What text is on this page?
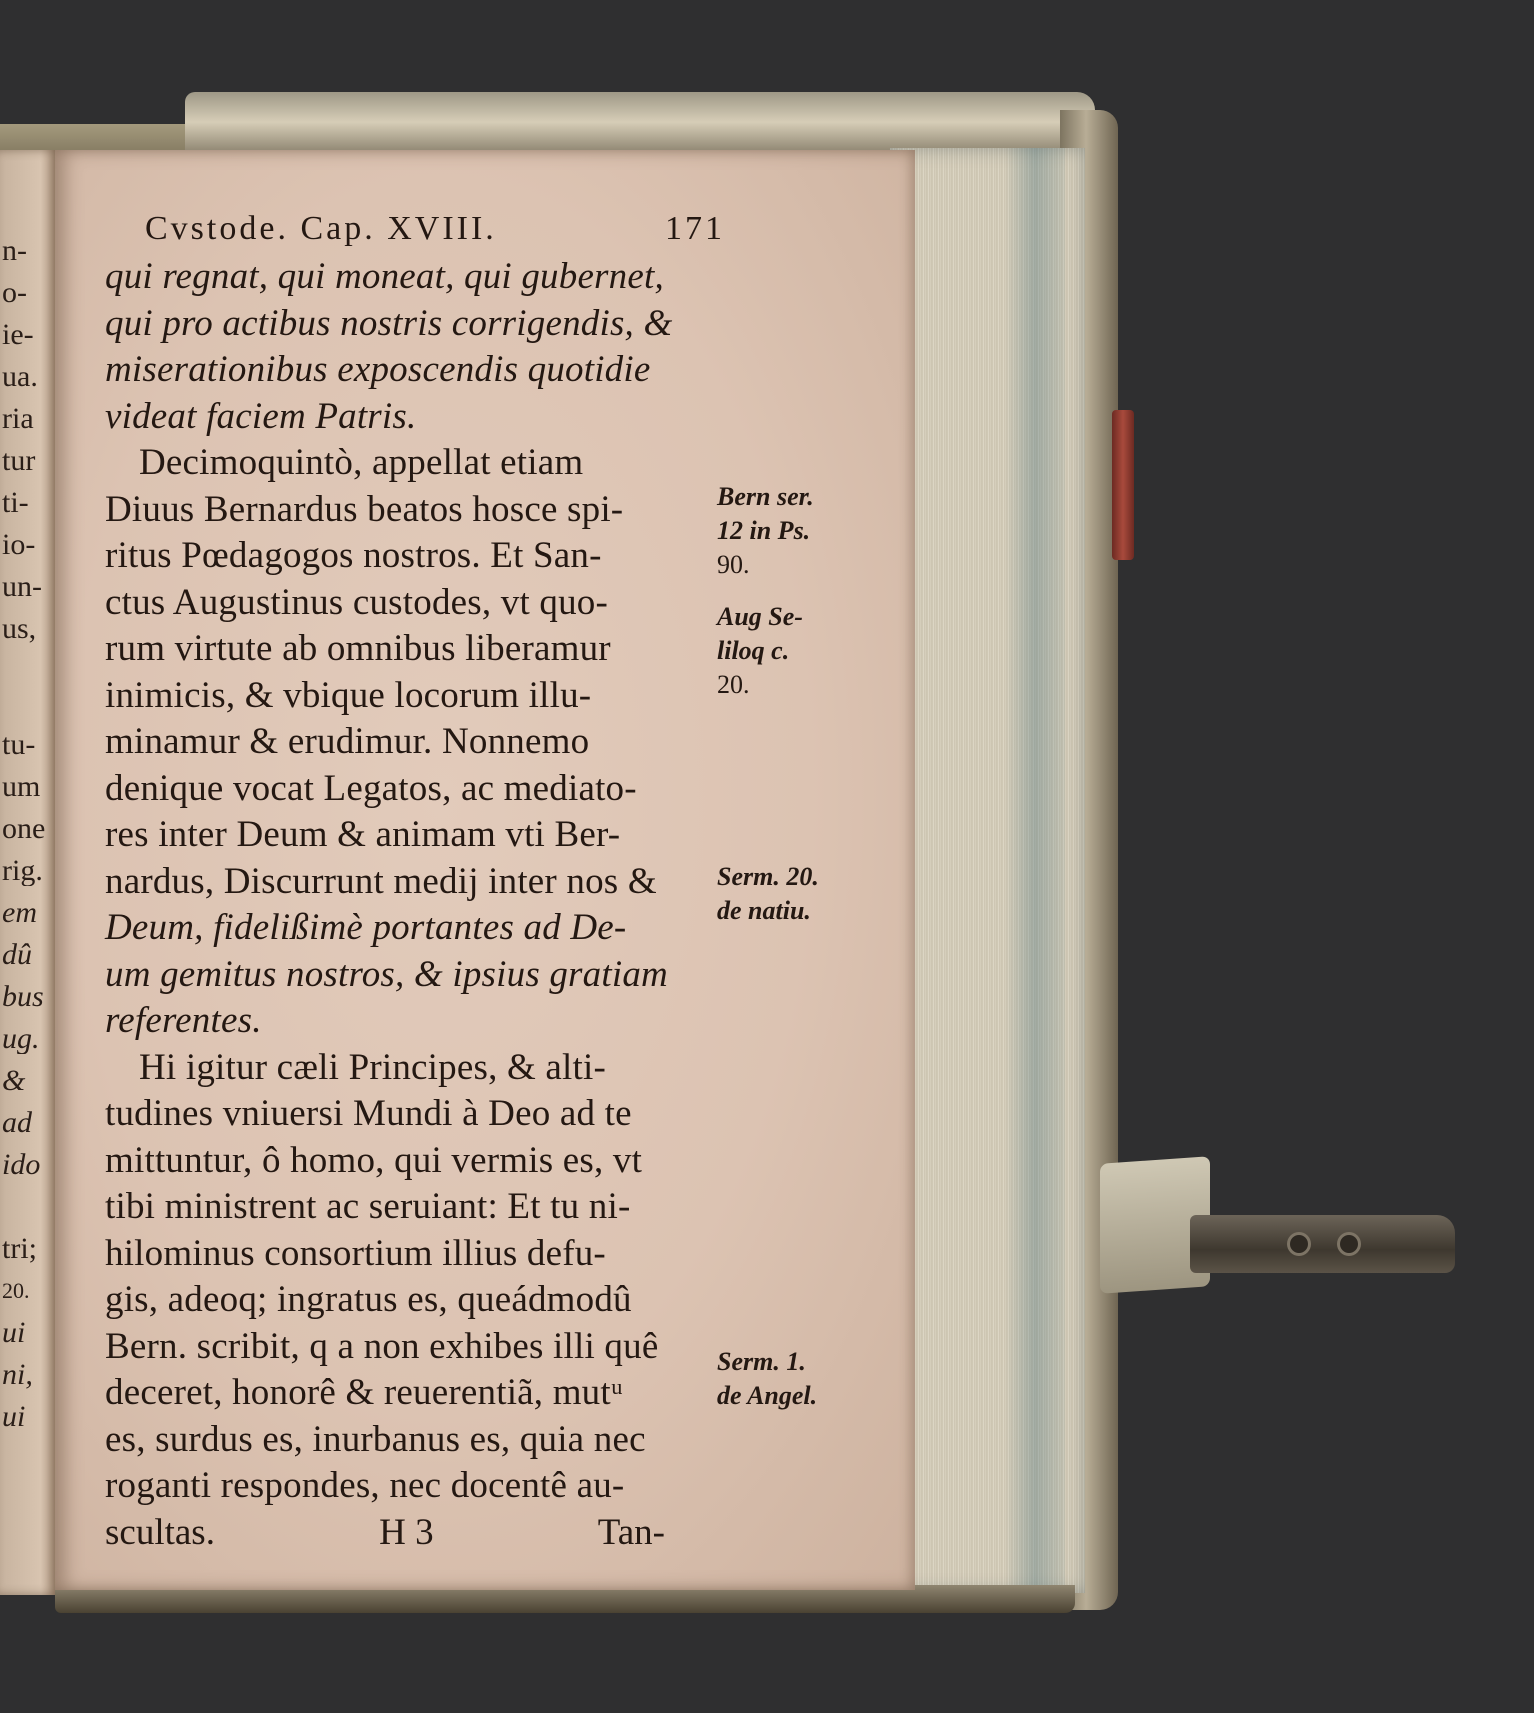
n-
o-
ie-
ua.
ria
tur
ti-
io-
un-
us,
tu-
um
one
rig.
em
dû
bus
ug.
&
ad
ido
tri;
20.
ui
ni,
ui
Cvstode. Cap. XVIII.	171
qui regnat, qui moneat, qui gubernet,
qui pro actibus nostris corrigendis, &
miserationibus exposcendis quotidie
videat faciem Patris.
Decimoquintò, appellat etiam
Diuus Bernardus beatos hosce spi-
ritus Pœdagogos nostros. Et San-
ctus Augustinus custodes, vt quo-
rum virtute ab omnibus liberamur
inimicis, & vbique locorum illu-
minamur & erudimur. Nonnemo
denique vocat Legatos, ac mediato-
res inter Deum & animam vti Ber-
nardus, Discurrunt medij inter nos &
Deum, fidelißimè portantes ad De-
um gemitus nostros, & ipsius gratiam
referentes.
Hi igitur cæli Principes, & alti-
tudines vniuersi Mundi à Deo ad te
mittuntur, ô homo, qui vermis es, vt
tibi ministrent ac seruiant: Et tu ni-
hilominus consortium illius defu-
gis, adeoq; ingratus es, queádmodû
Bern. scribit, q a non exhibes illi quê
deceret, honorê & reuerentiã, mutᵘ
es, surdus es, inurbanus es, quia nec
roganti respondes, nec docentê au-
scultas.	H 3	Tan-
Bern ser.
12 in Ps.
90.
Aug Se-
liloq c.
20.
Serm. 20.
de natiu.
Serm. 1.
de Angel.
